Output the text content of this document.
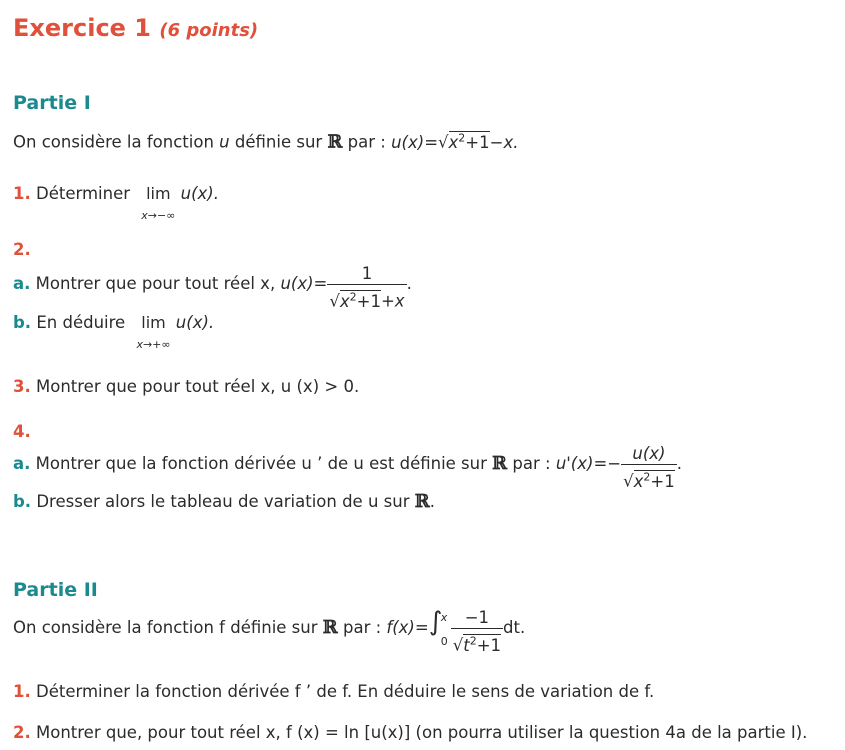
Exercice 1 (6 points)
Partie I
On considère la fonction u définie sur ℝ par : $u(x)=√x^2+1-x$.
1. Déterminer	lim
x→−∞
u(x).
2.
a. Montrer que pour tout réel x, $u(x)= \frac{1}{√x^2+1+x}$ .
b. En déduire	lim
x→+∞
u(x).
3. Montrer que pour tout réel x, u (x) > 0.
4.
a. Montrer que la fonction dérivée u ’ de u est définie sur ℝ par : $u'(x)=- \frac{u(x)}{√x^2+1}$ .
b. Dresser alors le tableau de variation de u sur ℝ.
Partie II
On considère la fonction f définie sur ℝ par : f(x)= ∫
x
$0 \frac{-1}{√t^2+1}$ dt.
1. Déterminer la fonction dérivée f ’ de f. En déduire le sens de variation de f.
2. Montrer que, pour tout réel x, f (x) = ln [u(x)] (on pourra utiliser la question 4a de la partie I).
